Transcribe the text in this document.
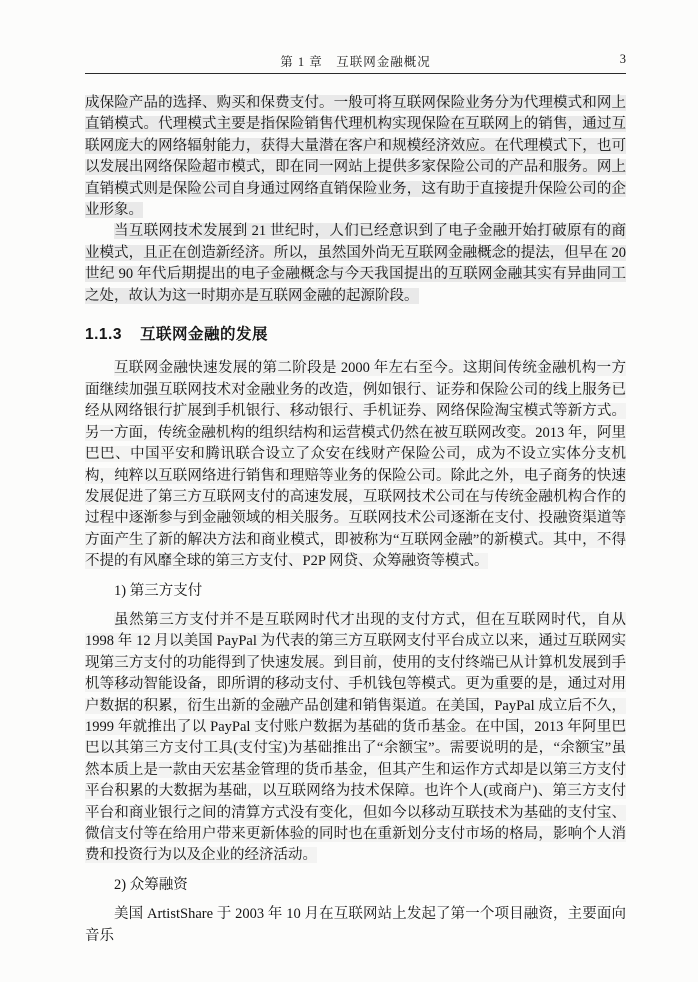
第 1 章　互联网金融概况	3

成保险产品的选择、购买和保费支付。一般可将互联网保险业务分为代理模式和网上直销模式。代理模式主要是指保险销售代理机构实现保险在互联网上的销售，通过互联网庞大的网络辐射能力，获得大量潜在客户和规模经济效应。在代理模式下，也可以发展出网络保险超市模式，即在同一网站上提供多家保险公司的产品和服务。网上直销模式则是保险公司自身通过网络直销保险业务，这有助于直接提升保险公司的企业形象。

当互联网技术发展到 21 世纪时，人们已经意识到了电子金融开始打破原有的商业模式，且正在创造新经济。所以，虽然国外尚无互联网金融概念的提法，但早在 20 世纪 90 年代后期提出的电子金融概念与今天我国提出的互联网金融其实有异曲同工之处，故认为这一时期亦是互联网金融的起源阶段。

1.1.3 互联网金融的发展

互联网金融快速发展的第二阶段是 2000 年左右至今。这期间传统金融机构一方面继续加强互联网技术对金融业务的改造，例如银行、证券和保险公司的线上服务已经从网络银行扩展到手机银行、移动银行、手机证券、网络保险淘宝模式等新方式。另一方面，传统金融机构的组织结构和运营模式仍然在被互联网改变。2013 年，阿里巴巴、中国平安和腾讯联合设立了众安在线财产保险公司，成为不设立实体分支机构，纯粹以互联网络进行销售和理赔等业务的保险公司。除此之外，电子商务的快速发展促进了第三方互联网支付的高速发展，互联网技术公司在与传统金融机构合作的过程中逐渐参与到金融领域的相关服务。互联网技术公司逐渐在支付、投融资渠道等方面产生了新的解决方法和商业模式，即被称为“互联网金融”的新模式。其中，不得不提的有风靡全球的第三方支付、P2P 网贷、众筹融资等模式。

1) 第三方支付

虽然第三方支付并不是互联网时代才出现的支付方式，但在互联网时代，自从 1998 年 12 月以美国 PayPal 为代表的第三方互联网支付平台成立以来，通过互联网实现第三方支付的功能得到了快速发展。到目前，使用的支付终端已从计算机发展到手机等移动智能设备，即所谓的移动支付、手机钱包等模式。更为重要的是，通过对用户数据的积累，衍生出新的金融产品创建和销售渠道。在美国，PayPal 成立后不久，1999 年就推出了以 PayPal 支付账户数据为基础的货币基金。在中国，2013 年阿里巴巴以其第三方支付工具(支付宝)为基础推出了“余额宝”。需要说明的是，“余额宝”虽然本质上是一款由天宏基金管理的货币基金，但其产生和运作方式却是以第三方支付平台积累的大数据为基础，以互联网络为技术保障。也许个人(或商户)、第三方支付平台和商业银行之间的清算方式没有变化，但如今以移动互联技术为基础的支付宝、微信支付等在给用户带来更新体验的同时也在重新划分支付市场的格局，影响个人消费和投资行为以及企业的经济活动。

2) 众筹融资

美国 ArtistShare 于 2003 年 10 月在互联网站上发起了第一个项目融资，主要面向音乐
